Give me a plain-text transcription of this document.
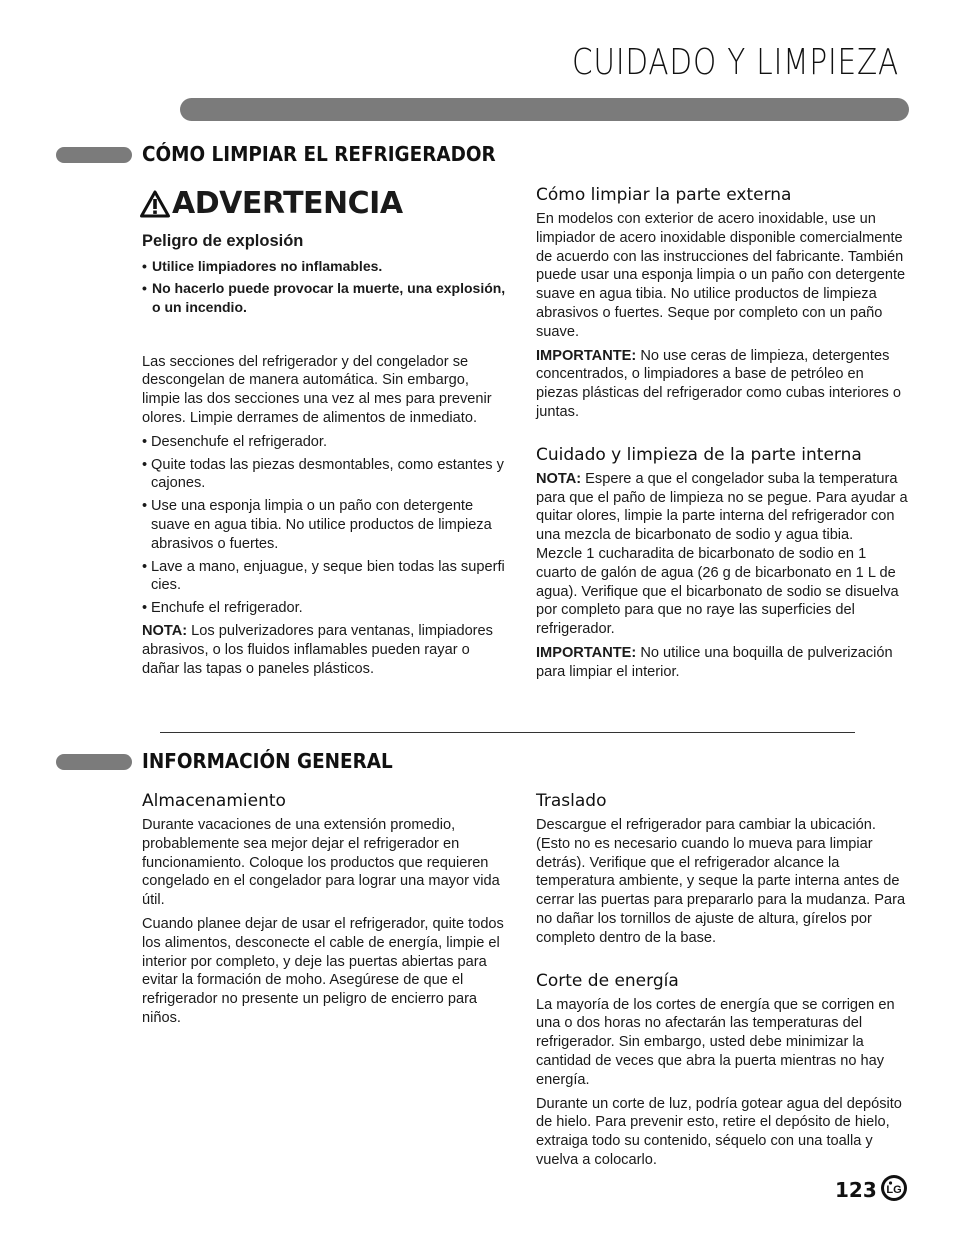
CUIDADO Y LIMPIEZA
CÓMO LIMPIAR EL REFRIGERADOR
ADVERTENCIA
Peligro de explosión
• Utilice limpiadores no inflamables.
• No hacerlo puede provocar la muerte, una explosión, o un incendio.

Las secciones del refrigerador y del congelador se descongelan de manera automática. Sin embargo, limpie las dos secciones una vez al mes para prevenir olores. Limpie derrames de alimentos de inmediato.

• Desenchufe el refrigerador.
• Quite todas las piezas desmontables, como estantes y cajones.
• Use una esponja limpia o un paño con detergente suave en agua tibia. No utilice productos de limpieza abrasivos o fuertes.
• Lave a mano, enjuague, y seque bien todas las superfi cies.
• Enchufe el refrigerador.

NOTA: Los pulverizadores para ventanas, limpiadores abrasivos, o los fluidos inflamables pueden rayar o dañar las tapas o paneles plásticos.

Cómo limpiar la parte externa

En modelos con exterior de acero inoxidable, use un limpiador de acero inoxidable disponible comercialmente de acuerdo con las instrucciones del fabricante. También puede usar una esponja limpia o un paño con detergente suave en agua tibia. No utilice productos de limpieza abrasivos o fuertes. Seque por completo con un paño suave.

IMPORTANTE: No use ceras de limpieza, detergentes concentrados, o limpiadores a base de petróleo en piezas plásticas del refrigerador como cubas interiores o juntas.

Cuidado y limpieza de la parte interna

NOTA: Espere a que el congelador suba la temperatura para que el paño de limpieza no se pegue. Para ayudar a quitar olores, limpie la parte interna del refrigerador con una mezcla de bicarbonato de sodio y agua tibia.

Mezcle 1 cucharadita de bicarbonato de sodio en 1 cuarto de galón de agua (26 g de bicarbonato en 1 L de agua). Verifique que el bicarbonato de sodio se disuelva por completo para que no raye las superficies del refrigerador.

IMPORTANTE: No utilice una boquilla de pulverización para limpiar el interior.

INFORMACIÓN GENERAL
Almacenamiento

Durante vacaciones de una extensión promedio, probablemente sea mejor dejar el refrigerador en funcionamiento. Coloque los productos que requieren congelado en el congelador para lograr una mayor vida útil.

Cuando planee dejar de usar el refrigerador, quite todos los alimentos, desconecte el cable de energía, limpie el interior por completo, y deje las puertas abiertas para evitar la formación de moho. Asegúrese de que el refrigerador no presente un peligro de encierro para niños.

Traslado

Descargue el refrigerador para cambiar la ubicación. (Esto no es necesario cuando lo mueva para limpiar detrás). Verifique que el refrigerador alcance la temperatura ambiente, y seque la parte interna antes de cerrar las puertas para prepararlo para la mudanza. Para no dañar los tornillos de ajuste de altura, gírelos por completo dentro de la base.

Corte de energía

La mayoría de los cortes de energía que se corrigen en una o dos horas no afectarán las temperaturas del refrigerador. Sin embargo, usted debe minimizar la cantidad de veces que abra la puerta mientras no hay energía.

Durante un corte de luz, podría gotear agua del depósito de hielo. Para prevenir esto, retire el depósito de hielo, extraiga todo su contenido, séquelo con una toalla y vuelva a colocarlo.

123 LG
